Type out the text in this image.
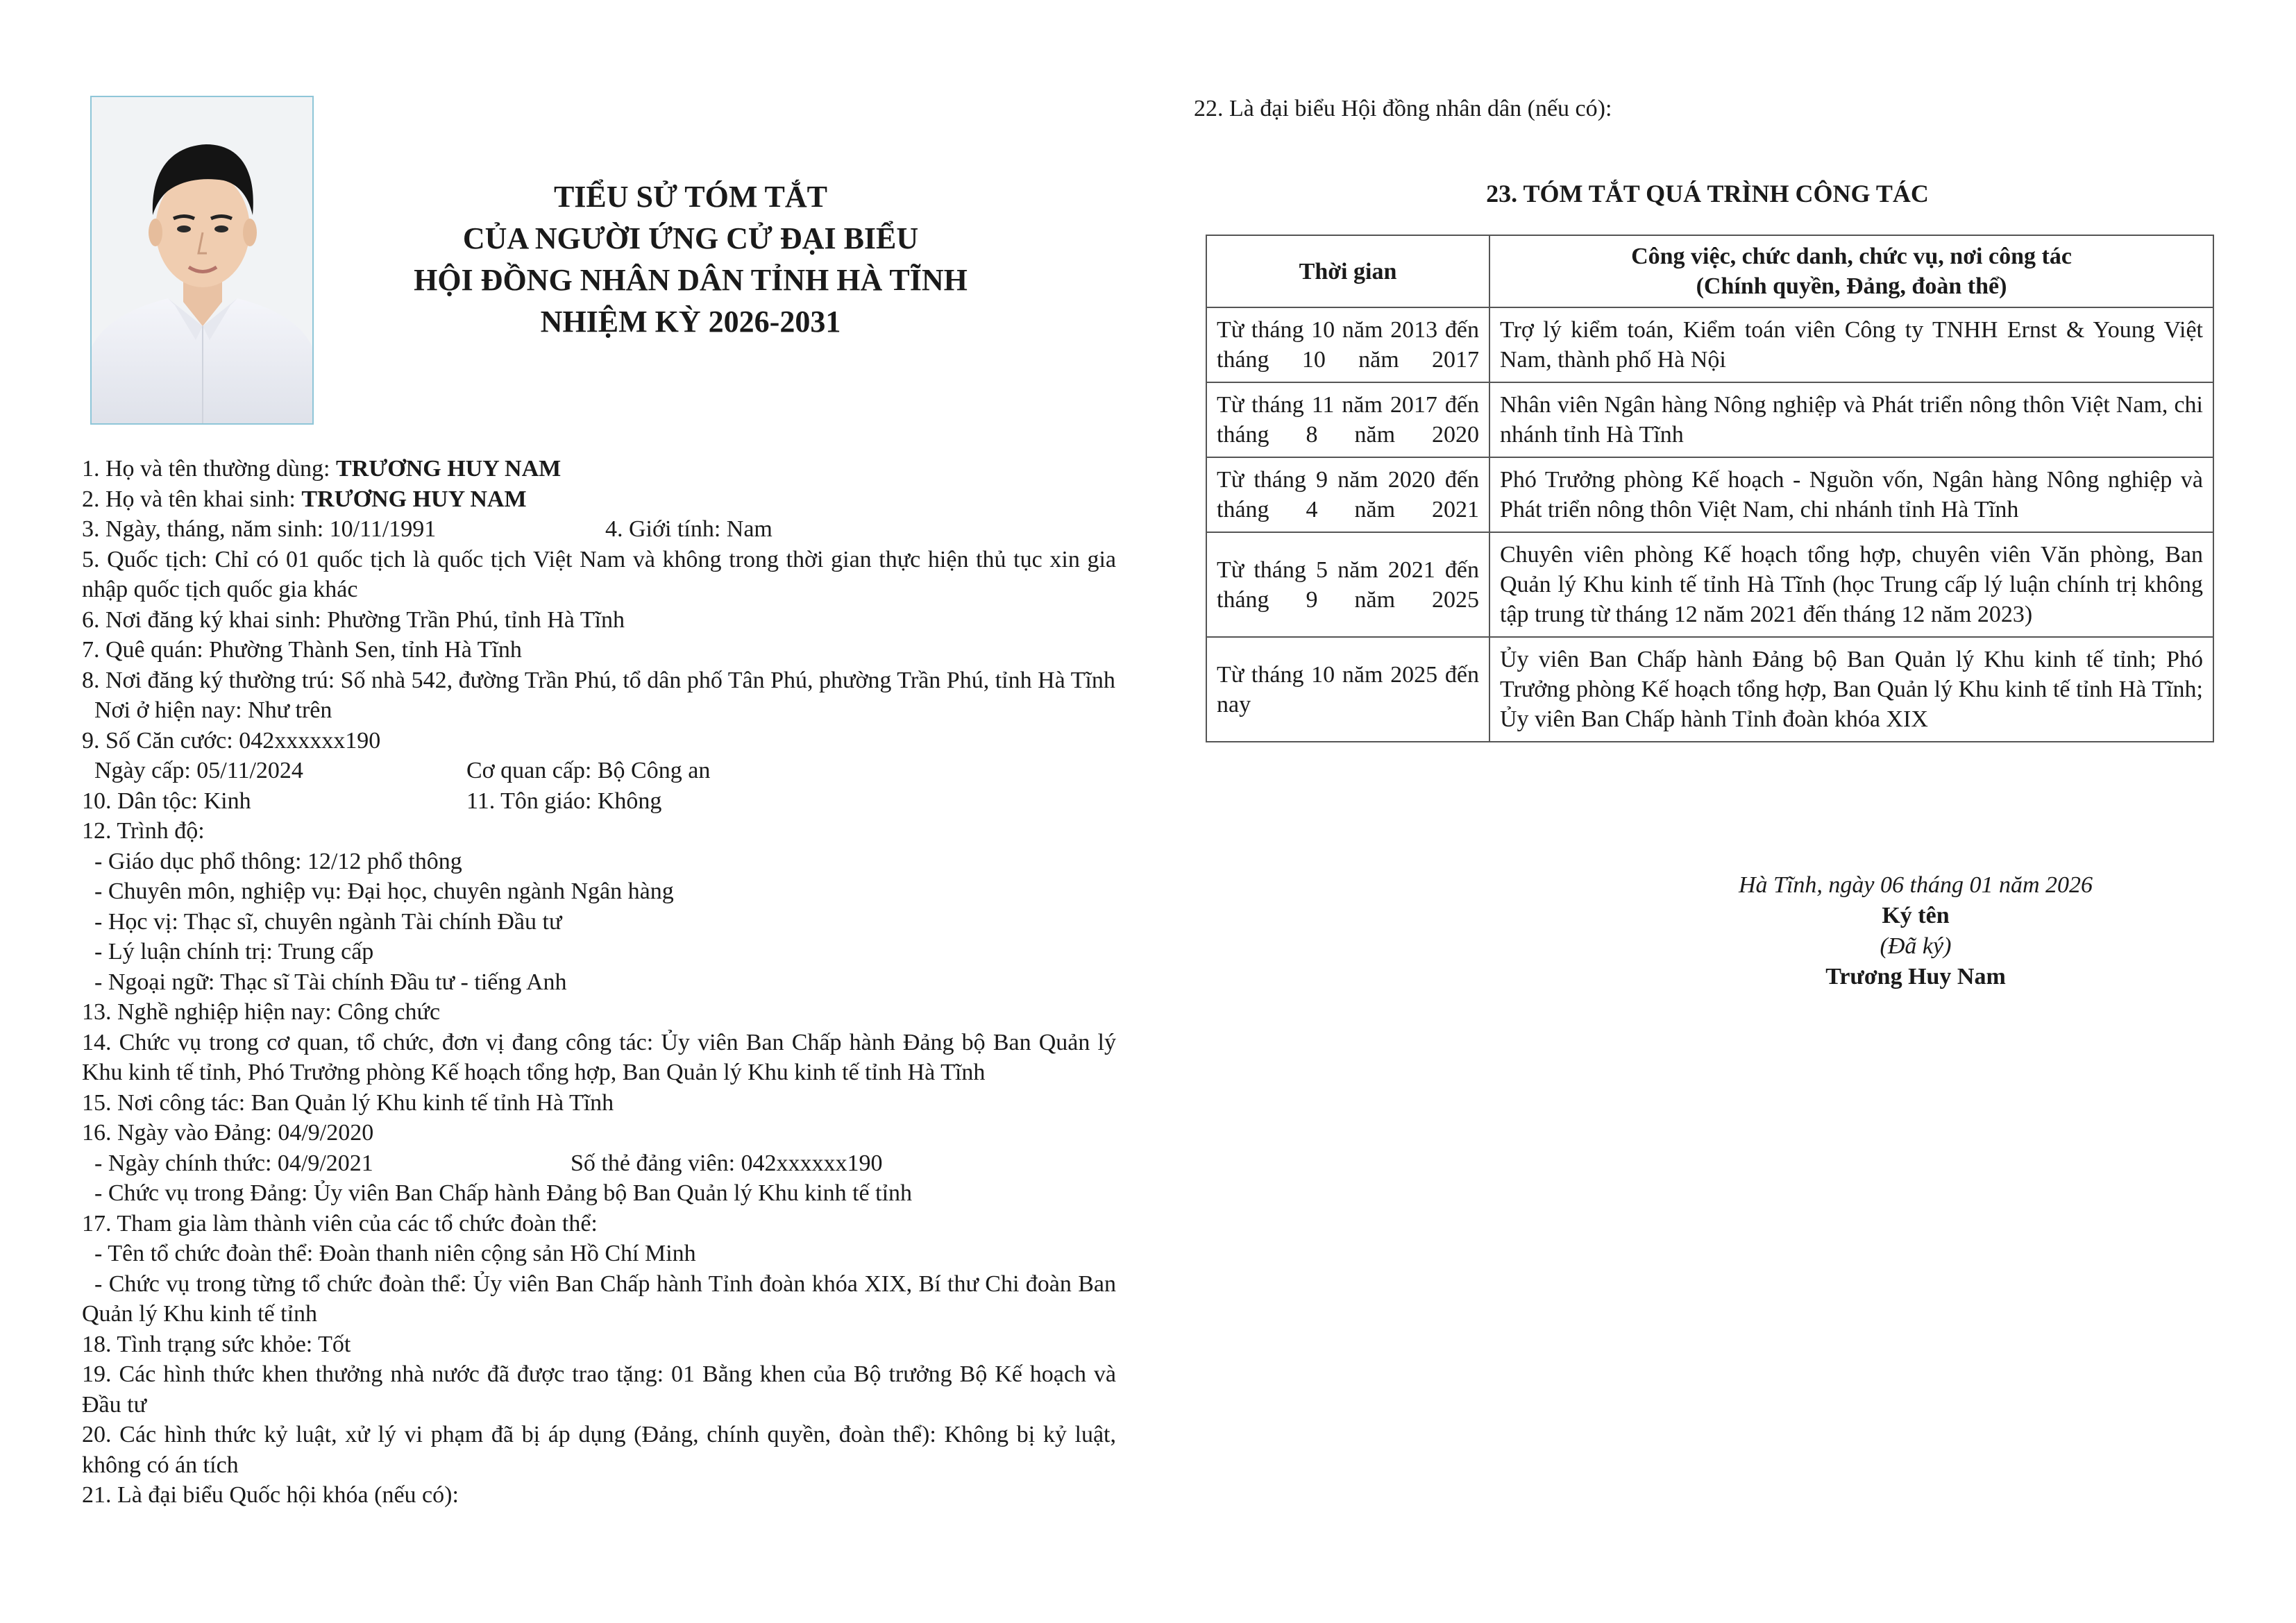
TIỂU SỬ TÓM TẮT
CỦA NGƯỜI ỨNG CỬ ĐẠI BIỂU
HỘI ĐỒNG NHÂN DÂN TỈNH HÀ TĨNH
NHIỆM KỲ 2026-2031
1. Họ và tên thường dùng: TRƯƠNG HUY NAM
2. Họ và tên khai sinh: TRƯƠNG HUY NAM
3. Ngày, tháng, năm sinh: 10/11/1991	4. Giới tính: Nam
5. Quốc tịch: Chỉ có 01 quốc tịch là quốc tịch Việt Nam và không trong thời gian thực hiện thủ tục xin gia nhập quốc tịch quốc gia khác
6. Nơi đăng ký khai sinh: Phường Trần Phú, tỉnh Hà Tĩnh
7. Quê quán: Phường Thành Sen, tỉnh Hà Tĩnh
8. Nơi đăng ký thường trú: Số nhà 542, đường Trần Phú, tổ dân phố Tân Phú, phường Trần Phú, tỉnh Hà Tĩnh
Nơi ở hiện nay: Như trên
9. Số Căn cước: 042xxxxxx190
Ngày cấp: 05/11/2024	Cơ quan cấp: Bộ Công an
10. Dân tộc: Kinh	11. Tôn giáo: Không
12. Trình độ:
- Giáo dục phổ thông: 12/12 phổ thông
- Chuyên môn, nghiệp vụ: Đại học, chuyên ngành Ngân hàng
- Học vị: Thạc sĩ, chuyên ngành Tài chính Đầu tư
- Lý luận chính trị: Trung cấp
- Ngoại ngữ: Thạc sĩ Tài chính Đầu tư - tiếng Anh
13. Nghề nghiệp hiện nay: Công chức
14. Chức vụ trong cơ quan, tổ chức, đơn vị đang công tác: Ủy viên Ban Chấp hành Đảng bộ Ban Quản lý Khu kinh tế tỉnh, Phó Trưởng phòng Kế hoạch tổng hợp, Ban Quản lý Khu kinh tế tỉnh Hà Tĩnh
15. Nơi công tác: Ban Quản lý Khu kinh tế tỉnh Hà Tĩnh
16. Ngày vào Đảng: 04/9/2020
- Ngày chính thức: 04/9/2021	Số thẻ đảng viên: 042xxxxxx190
- Chức vụ trong Đảng: Ủy viên Ban Chấp hành Đảng bộ Ban Quản lý Khu kinh tế tỉnh
17. Tham gia làm thành viên của các tổ chức đoàn thể:
- Tên tổ chức đoàn thể: Đoàn thanh niên cộng sản Hồ Chí Minh
- Chức vụ trong từng tổ chức đoàn thể: Ủy viên Ban Chấp hành Tỉnh đoàn khóa XIX, Bí thư Chi đoàn Ban Quản lý Khu kinh tế tỉnh
18. Tình trạng sức khỏe: Tốt
19. Các hình thức khen thưởng nhà nước đã được trao tặng: 01 Bằng khen của Bộ trưởng Bộ Kế hoạch và Đầu tư
20. Các hình thức kỷ luật, xử lý vi phạm đã bị áp dụng (Đảng, chính quyền, đoàn thể): Không bị kỷ luật, không có án tích
21. Là đại biểu Quốc hội khóa (nếu có):
22. Là đại biểu Hội đồng nhân dân (nếu có):
23. TÓM TẮT QUÁ TRÌNH CÔNG TÁC
Thời gian	Công việc, chức danh, chức vụ, nơi công tác
(Chính quyền, Đảng, đoàn thể)

Từ tháng 10 năm 2013 đến tháng 10 năm 2017	Trợ lý kiểm toán, Kiểm toán viên Công ty TNHH Ernst & Young Việt Nam, thành phố Hà Nội
Từ tháng 11 năm 2017 đến tháng 8 năm 2020	Nhân viên Ngân hàng Nông nghiệp và Phát triển nông thôn Việt Nam, chi nhánh tỉnh Hà Tĩnh
Từ tháng 9 năm 2020 đến tháng 4 năm 2021	Phó Trưởng phòng Kế hoạch - Nguồn vốn, Ngân hàng Nông nghiệp và Phát triển nông thôn Việt Nam, chi nhánh tỉnh Hà Tĩnh
Từ tháng 5 năm 2021 đến tháng 9 năm 2025	Chuyên viên phòng Kế hoạch tổng hợp, chuyên viên Văn phòng, Ban Quản lý Khu kinh tế tỉnh Hà Tĩnh (học Trung cấp lý luận chính trị không tập trung từ tháng 12 năm 2021 đến tháng 12 năm 2023)
Từ tháng 10 năm 2025 đến nay	Ủy viên Ban Chấp hành Đảng bộ Ban Quản lý Khu kinh tế tỉnh; Phó Trưởng phòng Kế hoạch tổng hợp, Ban Quản lý Khu kinh tế tỉnh Hà Tĩnh; Ủy viên Ban Chấp hành Tỉnh đoàn khóa XIX
Hà Tĩnh, ngày 06 tháng 01 năm 2026
Ký tên
(Đã ký)
Trương Huy Nam
